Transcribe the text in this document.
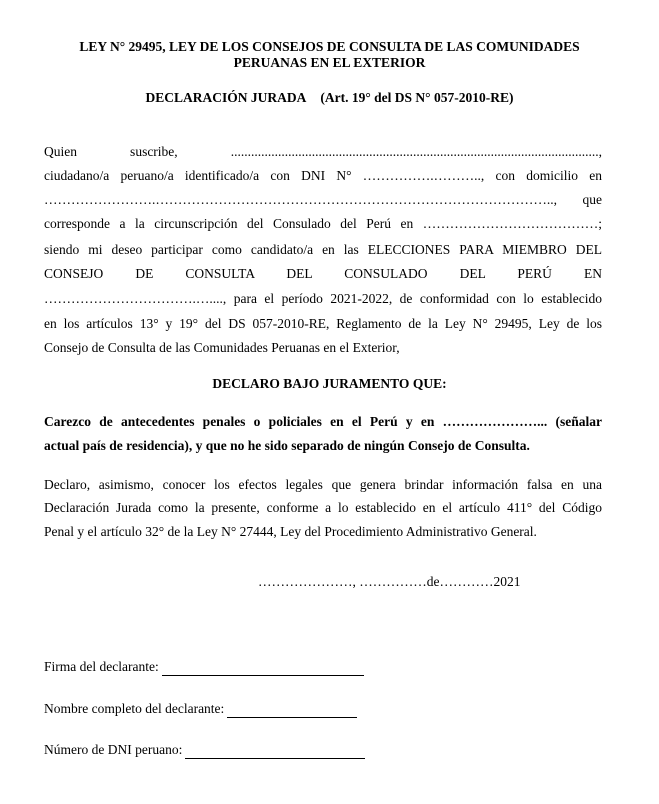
LEY N° 29495, LEY DE LOS CONSEJOS DE CONSULTA DE LAS COMUNIDADES
PERUANAS EN EL EXTERIOR
DECLARACIÓN JURADA (Art. 19° del DS N° 057-2010-RE)
Quien suscribe, .............................................................................................................,
ciudadano/a peruano/a identificado/a con DNI N° …………….……….., con domicilio en
…………………….…………………………………………………………………………….., que
corresponde a la circunscripción del Consulado del Perú en …………………………………;
siendo mi deseo participar como candidato/a en las ELECCIONES PARA MIEMBRO DEL
CONSEJO DE CONSULTA DEL CONSULADO DEL PERÚ EN
…………………………….…...., para el período 2021-2022, de conformidad con lo establecido
en los artículos 13° y 19° del DS 057-2010-RE, Reglamento de la Ley N° 29495, Ley de los
Consejo de Consulta de las Comunidades Peruanas en el Exterior,
DECLARO BAJO JURAMENTO QUE:
Carezco de antecedentes penales o policiales en el Perú y en …………………... (señalar
actual país de residencia), y que no he sido separado de ningún Consejo de Consulta.
Declaro, asimismo, conocer los efectos legales que genera brindar información falsa en una
Declaración Jurada como la presente, conforme a lo establecido en el artículo 411° del Código
Penal y el artículo 32° de la Ley N° 27444, Ley del Procedimiento Administrativo General.
…………………, ……………de…………2021
Firma del declarante:
Nombre completo del declarante:
Número de DNI peruano:
